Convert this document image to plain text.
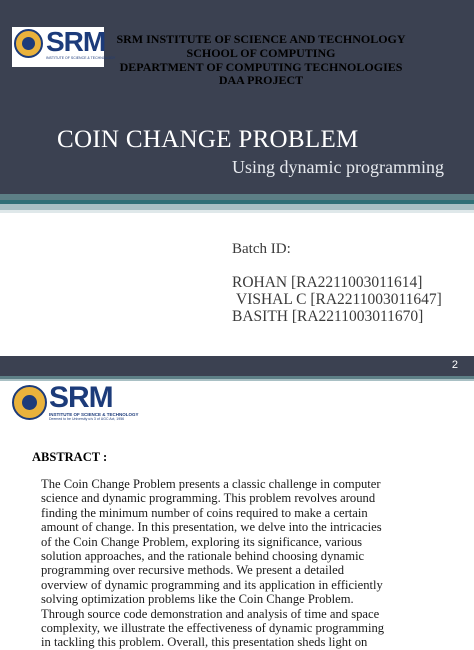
SRM
INSTITUTE OF SCIENCE & TECHNOLOGY
SRM INSTITUTE OF SCIENCE AND TECHNOLOGY
SCHOOL OF COMPUTING
DEPARTMENT OF COMPUTING TECHNOLOGIES
DAA PROJECT
COIN CHANGE PROBLEM
Using dynamic programming
Batch ID:
ROHAN [RA2211003011614]
VISHAL C [RA2211003011647]
BASITH [RA2211003011670]
2
SRM
INSTITUTE OF SCIENCE & TECHNOLOGY
Deemed to be University u/s 3 of UGC Act, 1956
ABSTRACT :
The Coin Change Problem presents a classic challenge in computer
science and dynamic programming. This problem revolves around
finding the minimum number of coins required to make a certain
amount of change. In this presentation, we delve into the intricacies
of the Coin Change Problem, exploring its significance, various
solution approaches, and the rationale behind choosing dynamic
programming over recursive methods. We present a detailed
overview of dynamic programming and its application in efficiently
solving optimization problems like the Coin Change Problem.
Through source code demonstration and analysis of time and space
complexity, we illustrate the effectiveness of dynamic programming
in tackling this problem. Overall, this presentation sheds light on
